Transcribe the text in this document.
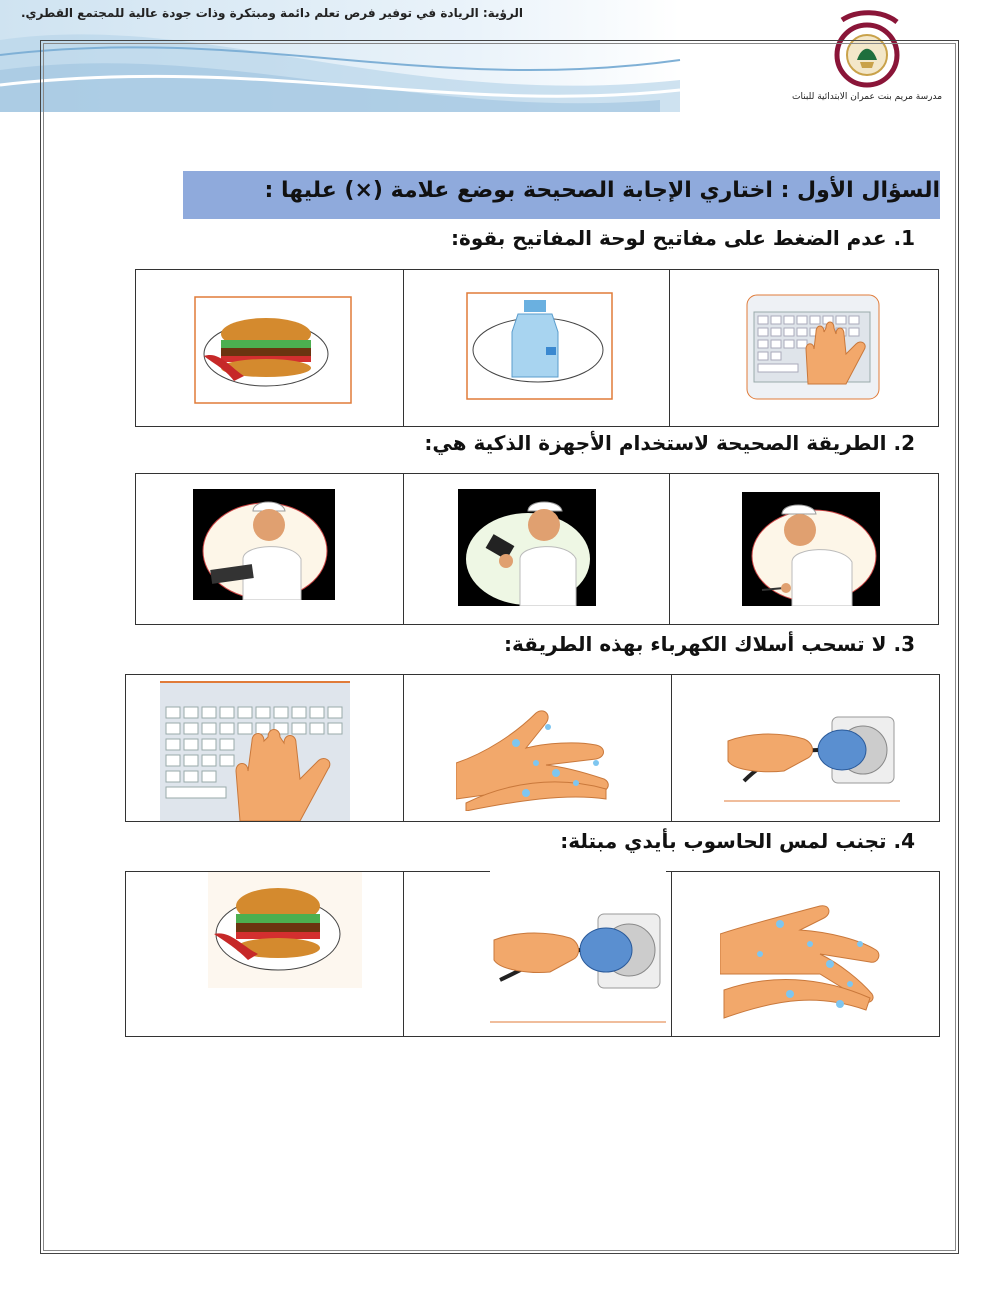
الرؤية: الريادة في توفير فرص تعلم دائمة ومبتكرة وذات جودة عالية للمجتمع القطري.
مدرسة مريم بنت عمران الابتدائية للبنات
السؤال الأول : اختاري الإجابة الصحيحة بوضع علامة (×) عليها :
1. عدم الضغط على مفاتيح لوحة المفاتيح بقوة:

2. الطريقة الصحيحة لاستخدام الأجهزة الذكية هي:

3. لا تسحب أسلاك الكهرباء بهذه الطريقة:

4. تجنب لمس الحاسوب بأيدي مبتلة:
